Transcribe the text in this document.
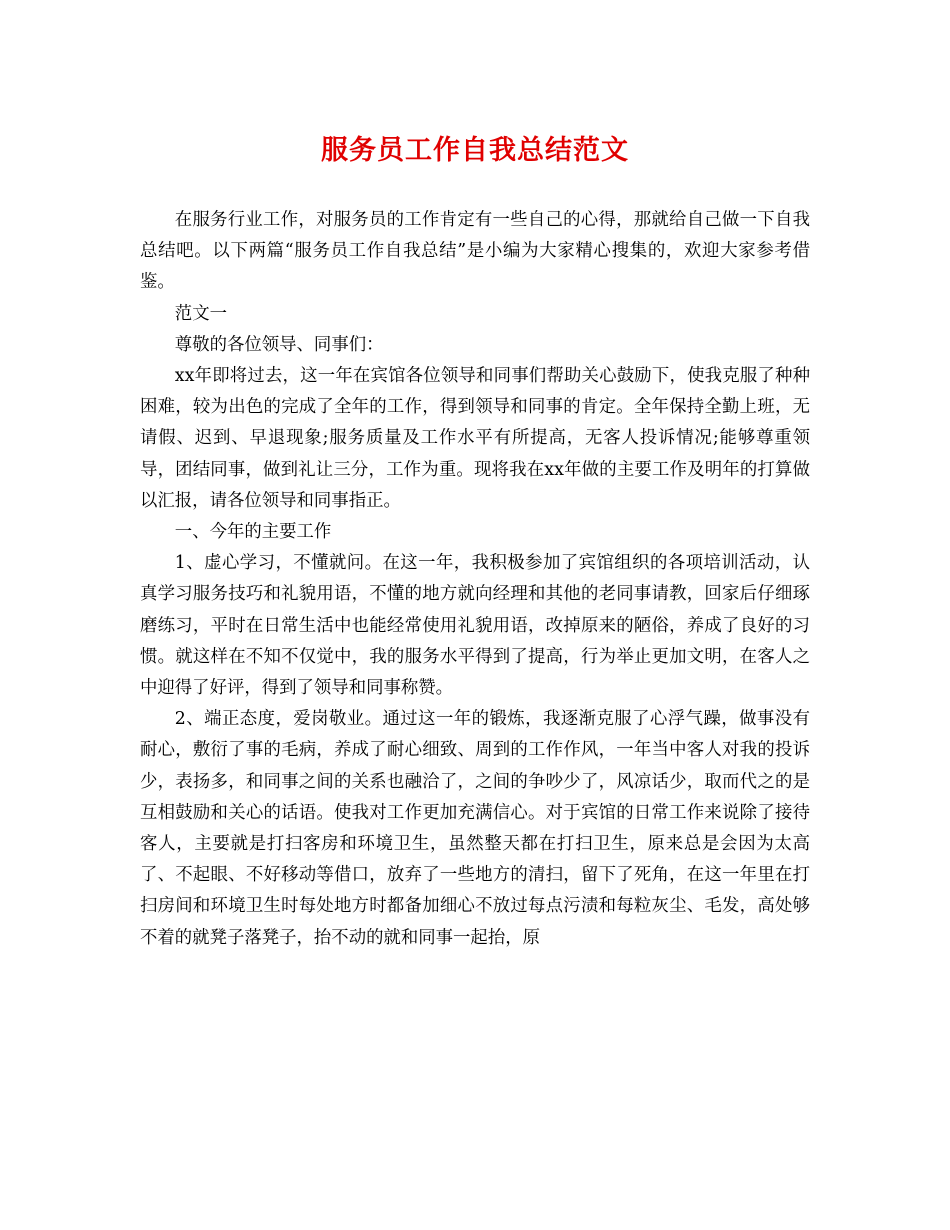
服务员工作自我总结范文

在服务行业工作，对服务员的工作肯定有一些自己的心得，那就给自己做一下自我总结吧。以下两篇“服务员工作自我总结”是小编为大家精心搜集的，欢迎大家参考借鉴。

范文一

尊敬的各位领导、同事们：

xx年即将过去，这一年在宾馆各位领导和同事们帮助关心鼓励下，使我克服了种种困难，较为出色的完成了全年的工作，得到领导和同事的肯定。全年保持全勤上班，无请假、迟到、早退现象;服务质量及工作水平有所提高，无客人投诉情况;能够尊重领导，团结同事，做到礼让三分，工作为重。现将我在xx年做的主要工作及明年的打算做以汇报，请各位领导和同事指正。

一、今年的主要工作

1、虚心学习，不懂就问。在这一年，我积极参加了宾馆组织的各项培训活动，认真学习服务技巧和礼貌用语，不懂的地方就向经理和其他的老同事请教，回家后仔细琢磨练习，平时在日常生活中也能经常使用礼貌用语，改掉原来的陋俗，养成了良好的习惯。就这样在不知不仅觉中，我的服务水平得到了提高，行为举止更加文明，在客人之中迎得了好评，得到了领导和同事称赞。

2、端正态度，爱岗敬业。通过这一年的锻炼，我逐渐克服了心浮气躁，做事没有耐心，敷衍了事的毛病，养成了耐心细致、周到的工作作风，一年当中客人对我的投诉少，表扬多，和同事之间的关系也融洽了，之间的争吵少了，风凉话少，取而代之的是互相鼓励和关心的话语。使我对工作更加充满信心。对于宾馆的日常工作来说除了接待客人，主要就是打扫客房和环境卫生，虽然整天都在打扫卫生，原来总是会因为太高了、不起眼、不好移动等借口，放弃了一些地方的清扫，留下了死角，在这一年里在打扫房间和环境卫生时每处地方时都备加细心不放过每点污渍和每粒灰尘、毛发，高处够不着的就凳子落凳子，抬不动的就和同事一起抬，原
